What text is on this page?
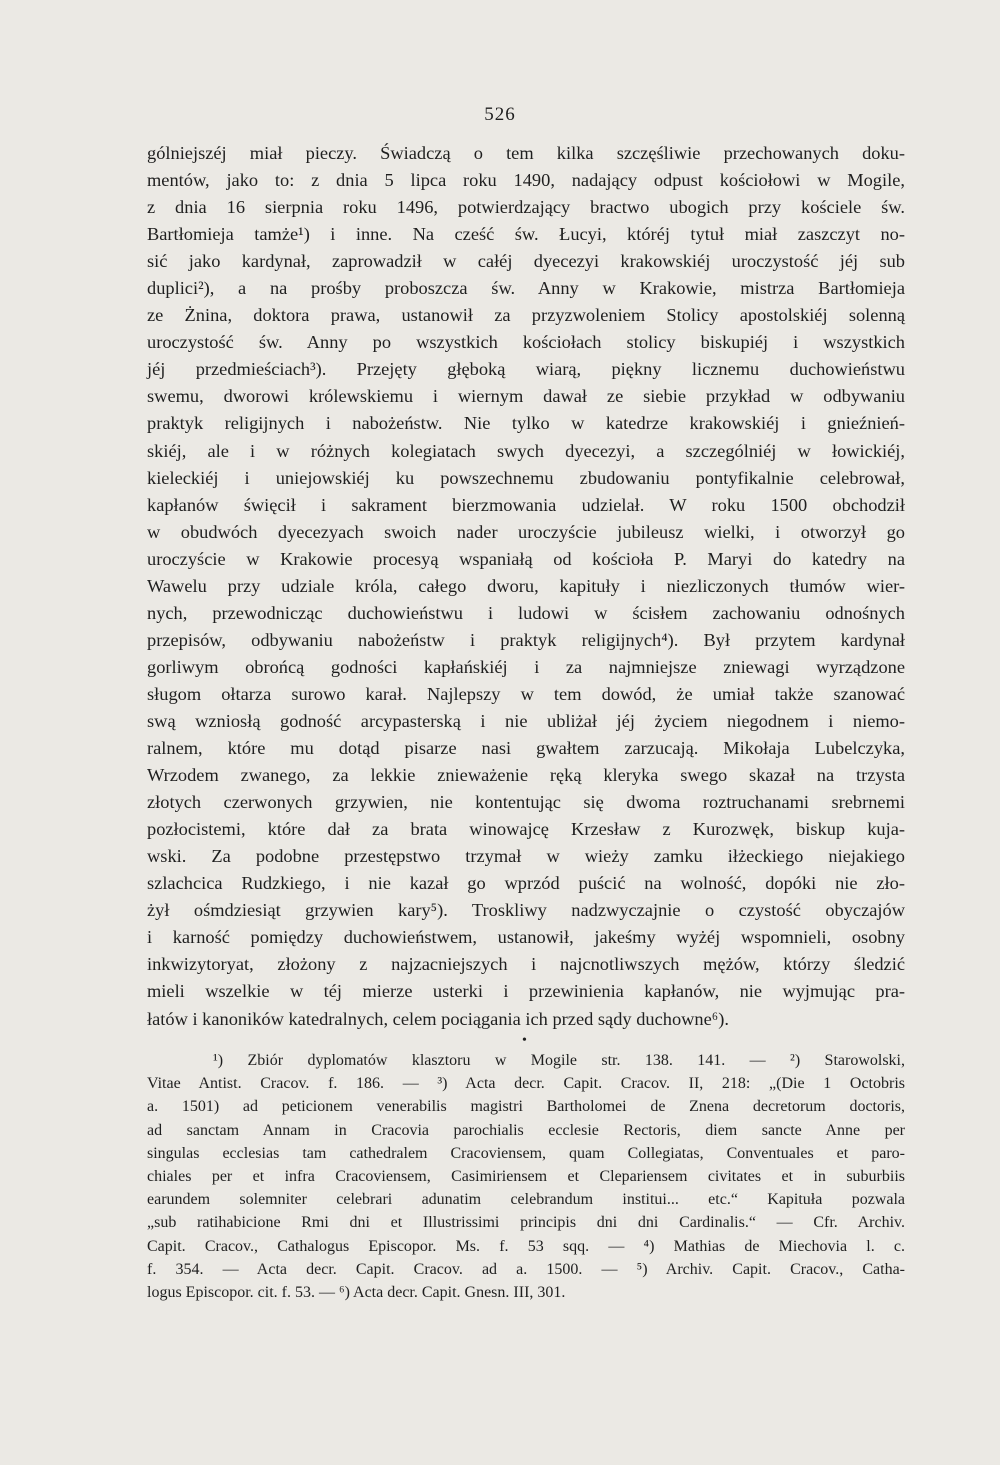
526
gólniejszéj miał pieczy. Świadczą o tem kilka szczęśliwie przechowanych doku-
mentów, jako to: z dnia 5 lipca roku 1490, nadający odpust kościołowi w Mogile,
z dnia 16 sierpnia roku 1496, potwierdzający bractwo ubogich przy kościele św.
Bartłomieja tamże¹) i inne. Na cześć św. Łucyi, któréj tytuł miał zaszczyt no-
sić jako kardynał, zaprowadził w całéj dyecezyi krakowskiéj uroczystość jéj sub
duplici²), a na prośby proboszcza św. Anny w Krakowie, mistrza Bartłomieja
ze Żnina, doktora prawa, ustanowił za przyzwoleniem Stolicy apostolskiéj solenną
uroczystość św. Anny po wszystkich kościołach stolicy biskupiéj i wszystkich
jéj przedmieściach³). Przejęty głęboką wiarą, piękny licznemu duchowieństwu
swemu, dworowi królewskiemu i wiernym dawał ze siebie przykład w odbywaniu
praktyk religijnych i nabożeństw. Nie tylko w katedrze krakowskiéj i gnieźnień-
skiéj, ale i w różnych kolegiatach swych dyecezyi, a szczególniéj w łowickiéj,
kieleckiéj i uniejowskiéj ku powszechnemu zbudowaniu pontyfikalnie celebrował,
kapłanów święcił i sakrament bierzmowania udzielał. W roku 1500 obchodził
w obudwóch dyecezyach swoich nader uroczyście jubileusz wielki, i otworzył go
uroczyście w Krakowie procesyą wspaniałą od kościoła P. Maryi do katedry na
Wawelu przy udziale króla, całego dworu, kapituły i niezliczonych tłumów wier-
nych, przewodnicząc duchowieństwu i ludowi w ścisłem zachowaniu odnośnych
przepisów, odbywaniu nabożeństw i praktyk religijnych⁴). Był przytem kardynał
gorliwym obrońcą godności kapłańskiéj i za najmniejsze zniewagi wyrządzone
sługom ołtarza surowo karał. Najlepszy w tem dowód, że umiał także szanować
swą wzniosłą godność arcypasterską i nie ubliżał jéj życiem niegodnem i niemo-
ralnem, które mu dotąd pisarze nasi gwałtem zarzucają. Mikołaja Lubelczyka,
Wrzodem zwanego, za lekkie znieważenie ręką kleryka swego skazał na trzysta
złotych czerwonych grzywien, nie kontentując się dwoma roztruchanami srebrnemi
pozłocistemi, które dał za brata winowajcę Krzesław z Kurozwęk, biskup kuja-
wski. Za podobne przestępstwo trzymał w wieży zamku iłżeckiego niejakiego
szlachcica Rudzkiego, i nie kazał go wprzód puścić na wolność, dopóki nie zło-
żył ośmdziesiąt grzywien kary⁵). Troskliwy nadzwyczajnie o czystość obyczajów
i karność pomiędzy duchowieństwem, ustanowił, jakeśmy wyżéj wspomnieli, osobny
inkwizytoryat, złożony z najzacniejszych i najcnotliwszych mężów, którzy śledzić
mieli wszelkie w téj mierze usterki i przewinienia kapłanów, nie wyjmując pra-
łatów i kanoników katedralnych, celem pociągania ich przed sądy duchowne⁶).
•
¹) Zbiór dyplomatów klasztoru w Mogile str. 138. 141. — ²) Starowolski,
Vitae Antist. Cracov. f. 186. — ³) Acta decr. Capit. Cracov. II, 218: „(Die 1 Octobris
a. 1501) ad peticionem venerabilis magistri Bartholomei de Znena decretorum doctoris,
ad sanctam Annam in Cracovia parochialis ecclesie Rectoris, diem sancte Anne per
singulas ecclesias tam cathedralem Cracoviensem, quam Collegiatas, Conventuales et paro-
chiales per et infra Cracoviensem, Casimiriensem et Clepariensem civitates et in suburbiis
earundem solemniter celebrari adunatim celebrandum institui... etc.“ Kapituła pozwala
„sub ratihabicione Rmi dni et Illustrissimi principis dni dni Cardinalis.“ — Cfr. Archiv.
Capit. Cracov., Cathalogus Episcopor. Ms. f. 53 sqq. — ⁴) Mathias de Miechovia l. c.
f. 354. — Acta decr. Capit. Cracov. ad a. 1500. — ⁵) Archiv. Capit. Cracov., Catha-
logus Episcopor. cit. f. 53. — ⁶) Acta decr. Capit. Gnesn. III, 301.
